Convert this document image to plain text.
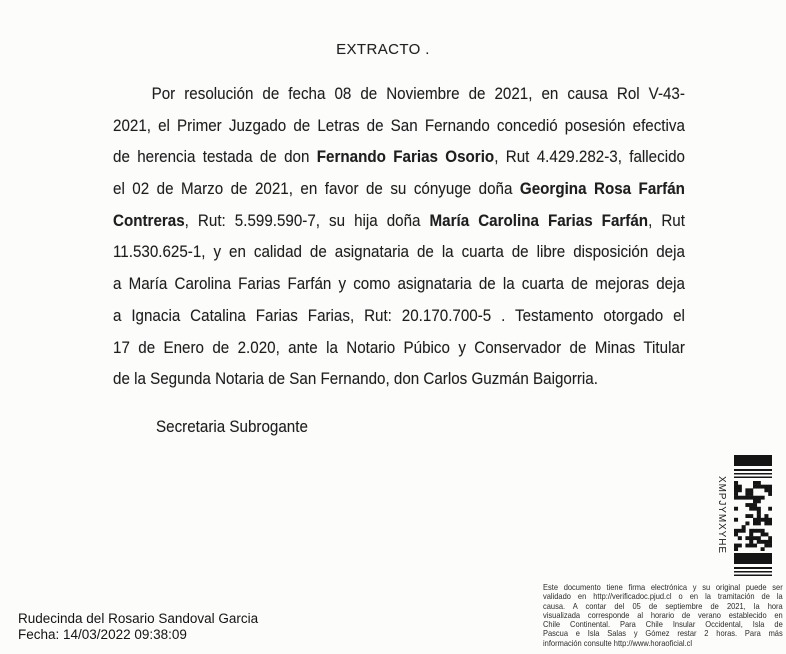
EXTRACTO .
Por resolución de fecha 08 de Noviembre de 2021, en causa Rol V-43-
2021, el Primer Juzgado de Letras de San Fernando concedió posesión efectiva
de herencia testada de don Fernando Farias Osorio, Rut 4.429.282-3, fallecido
el 02 de Marzo de 2021, en favor de su cónyuge doña Georgina Rosa Farfán
Contreras, Rut: 5.599.590-7, su hija doña María Carolina Farias Farfán, Rut
11.530.625-1, y en calidad de asignataria de la cuarta de libre disposición deja
a María Carolina Farias Farfán y como asignataria de la cuarta de mejoras deja
a Ignacia Catalina Farias Farias, Rut: 20.170.700-5 . Testamento otorgado el
17 de Enero de 2.020, ante la Notario Púbico y Conservador de Minas Titular
de la Segunda Notaria de San Fernando, don Carlos Guzmán Baigorria.
Secretaria Subrogante
XMPJYMXYHE
Este documento tiene firma electrónica y su original puede ser
validado en http://verificadoc.pjud.cl o en la tramitación de la
causa. A contar del 05 de septiembre de 2021, la hora
visualizada corresponde al horario de verano establecido en
Chile Continental. Para Chile Insular Occidental, Isla de
Pascua e Isla Salas y Gómez restar 2 horas. Para más
información consulte http://www.horaoficial.cl
Rudecinda del Rosario Sandoval Garcia
Fecha: 14/03/2022 09:38:09
